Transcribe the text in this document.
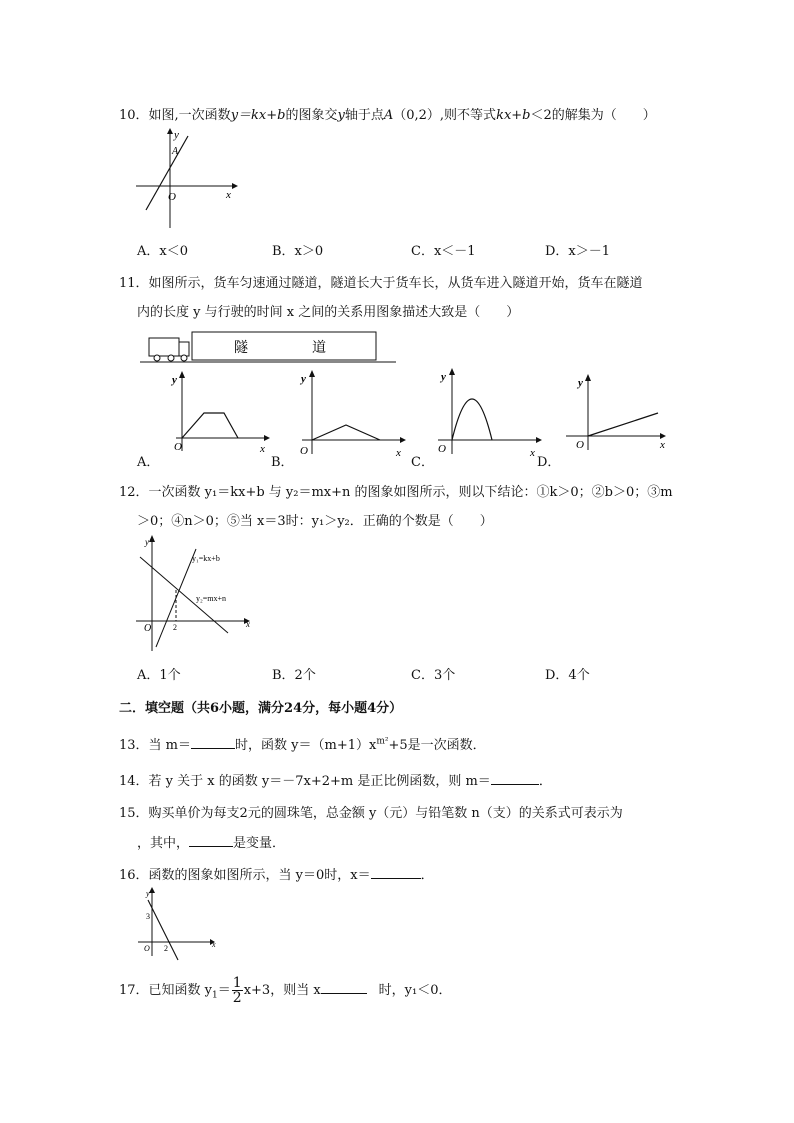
10．如图,一次函数y＝kx+b的图象交y轴于点A（0,2）,则不等式kx+b＜2的解集为（　　）
y
A
O	x
A．x＜0	B．x＞0	C．x＜－1	D．x＞－1
11．如图所示，货车匀速通过隧道，隧道长大于货车长，从货车进入隧道开始，货车在隧道
内的长度 y 与行驶的时间 x 之间的关系用图象描述大致是（　　）
隧	道
y
O	x
A．
y
O	x
B．
y
O	x
C．
y
O	x
D．
12．一次函数 y₁＝kx+b 与 y₂＝mx+n 的图象如图所示，则以下结论：①k＞0；②b＞0；③m
＞0；④n＞0；⑤当 x＝3时：y₁＞y₂．正确的个数是（　　）
y
x
O	2
y₁=kx+b
y₂=mx+n
A．1个	B．2个	C．3个	D．4个
二．填空题（共6小题，满分24分，每小题4分）
13．当 m＝	时，函数 $y=(m+1)x^{m^2}+5$是一次函数．
14．若 y 关于 x 的函数 y＝－7x+2+m 是正比例函数，则 m＝	．
15．购买单价为每支2元的圆珠笔，总金额 y（元）与铅笔数 n（支）的关系式可表示为
，其中，	是变量．
16．函数的图象如图所示，当 y＝0时，x＝	．
y
x
O
3
2
17．已知函数 $y_1= \frac{1}{2} x+3$，则当 x	时，y₁＜0．
